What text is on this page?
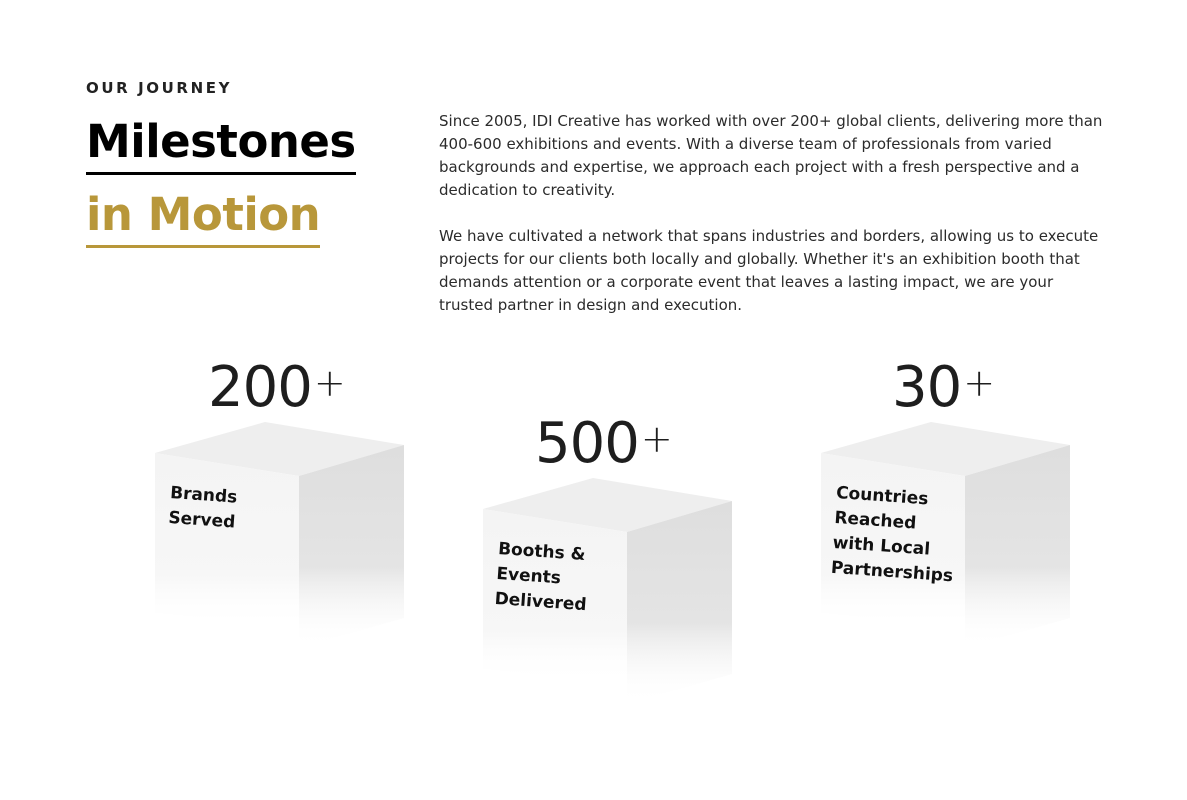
OUR JOURNEY
Milestones
in Motion

Since 2005, IDI Creative has worked with over 200+ global clients, delivering more than 400-600 exhibitions and events. With a diverse team of professionals from varied backgrounds and expertise, we approach each project with a fresh perspective and a dedication to creativity.

We have cultivated a network that spans industries and borders, allowing us to execute projects for our clients both locally and globally. Whether it's an exhibition booth that demands attention or a corporate event that leaves a lasting impact, we are your trusted partner in design and execution.

200+
500+
30+
Brands
Served
Booths &
Events
Delivered
Countries
Reached
with Local
Partnerships
